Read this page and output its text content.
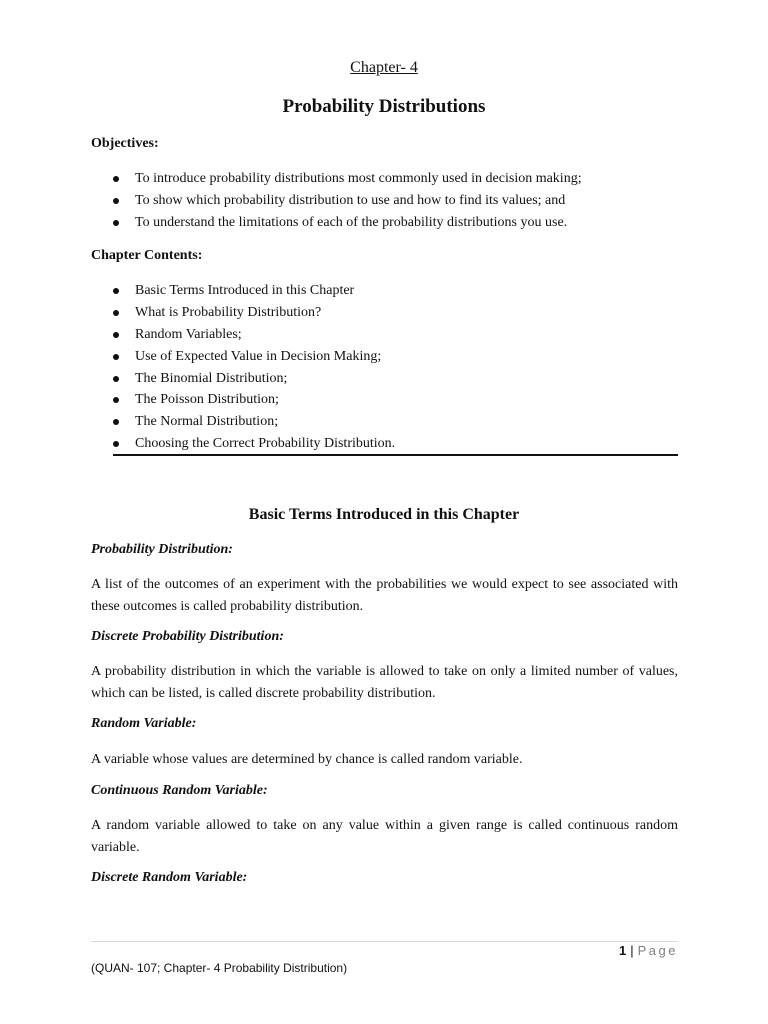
Chapter- 4
Probability Distributions
Objectives:
To introduce probability distributions most commonly used in decision making;
To show which probability distribution to use and how to find its values; and
To understand the limitations of each of the probability distributions you use.
Chapter Contents:
Basic Terms Introduced in this Chapter
What is Probability Distribution?
Random Variables;
Use of Expected Value in Decision Making;
The Binomial Distribution;
The Poisson Distribution;
The Normal Distribution;
Choosing the Correct Probability Distribution.
Basic Terms Introduced in this Chapter
Probability Distribution:
A list of the outcomes of an experiment with the probabilities we would expect to see associated with these outcomes is called probability distribution.
Discrete Probability Distribution:
A probability distribution in which the variable is allowed to take on only a limited number of values, which can be listed, is called discrete probability distribution.
Random Variable:
A variable whose values are determined by chance is called random variable.
Continuous Random Variable:
A random variable allowed to take on any value within a given range is called continuous random variable.
Discrete Random Variable:
1 | Page
(QUAN- 107; Chapter- 4 Probability Distribution)
